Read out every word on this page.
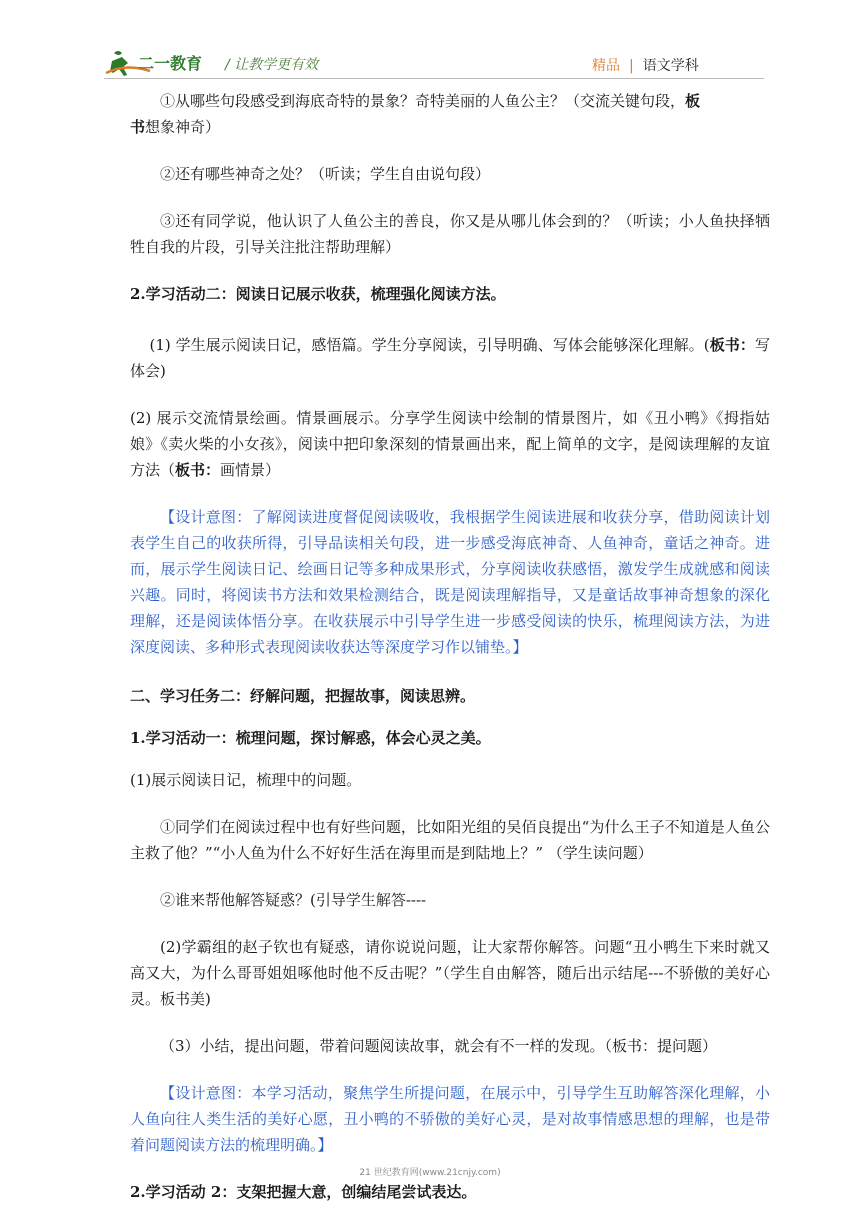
二一教育 / 让教学更有效	精品 | 语文学科

①从哪些句段感受到海底奇特的景象？奇特美丽的人鱼公主？（交流关键句段，板
书想象神奇）

②还有哪些神奇之处？（听读；学生自由说句段）

③还有同学说，他认识了人鱼公主的善良，你又是从哪儿体会到的？（听读；小人鱼抉择牺牲自我的片段，引导关注批注帮助理解）

2.学习活动二：阅读日记展示收获，梳理强化阅读方法。

(1) 学生展示阅读日记，感悟篇。学生分享阅读，引导明确、写体会能够深化理解。(板书：写体会)

(2) 展示交流情景绘画。情景画展示。分享学生阅读中绘制的情景图片，如《丑小鸭》《拇指姑娘》《卖火柴的小女孩》，阅读中把印象深刻的情景画出来，配上简单的文字，是阅读理解的友谊方法（板书：画情景）

【设计意图：了解阅读进度督促阅读吸收，我根据学生阅读进展和收获分享，借助阅读计划表学生自己的收获所得，引导品读相关句段，进一步感受海底神奇、人鱼神奇，童话之神奇。进而，展示学生阅读日记、绘画日记等多种成果形式，分享阅读收获感悟，激发学生成就感和阅读兴趣。同时，将阅读书方法和效果检测结合，既是阅读理解指导，又是童话故事神奇想象的深化理解，还是阅读体悟分享。在收获展示中引导学生进一步感受阅读的快乐，梳理阅读方法，为进深度阅读、多种形式表现阅读收获达等深度学习作以铺垫。】

二、学习任务二：纾解问题，把握故事，阅读思辨。

1.学习活动一：梳理问题，探讨解惑，体会心灵之美。

(1)展示阅读日记，梳理中的问题。

①同学们在阅读过程中也有好些问题，比如阳光组的吴佰良提出“为什么王子不知道是人鱼公主救了他？”“小人鱼为什么不好好生活在海里而是到陆地上？” （学生读问题）

②谁来帮他解答疑惑？(引导学生解答----

(2)学霸组的赵子钦也有疑惑，请你说说问题，让大家帮你解答。问题“丑小鸭生下来时就又高又大，为什么哥哥姐姐啄他时他不反击呢？”（学生自由解答，随后出示结尾---不骄傲的美好心灵。板书美)

（3）小结，提出问题，带着问题阅读故事，就会有不一样的发现。（板书：提问题）

【设计意图：本学习活动，聚焦学生所提问题，在展示中，引导学生互助解答深化理解，小人鱼向往人类生活的美好心愿，丑小鸭的不骄傲的美好心灵，是对故事情感思想的理解，也是带着问题阅读方法的梳理明确。】

2.学习活动 2：支架把握大意，创编结尾尝试表达。

21 世纪教育网(www.21cnjy.com)
